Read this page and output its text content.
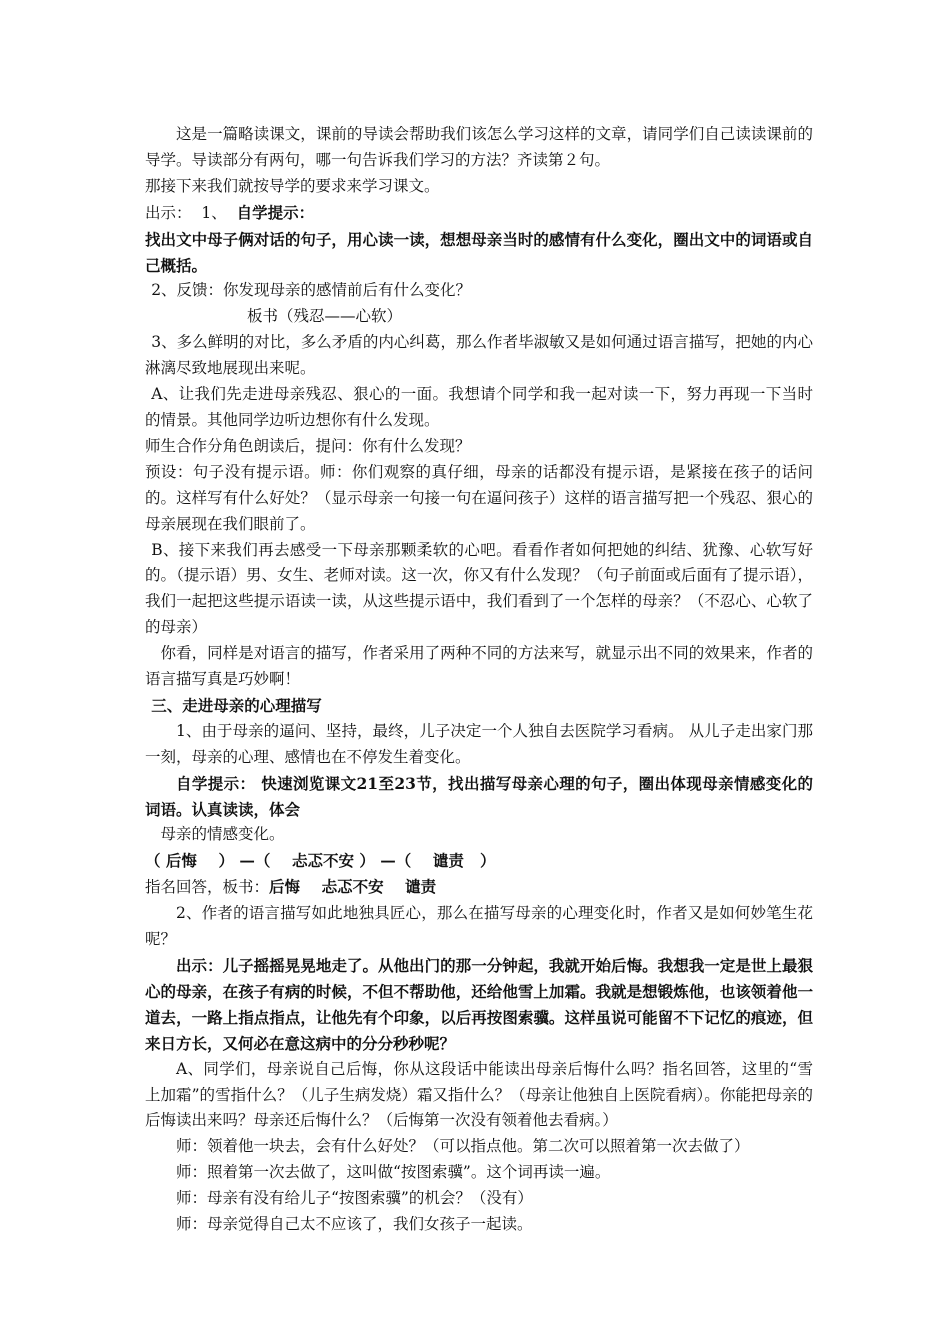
这是一篇略读课文，课前的导读会帮助我们该怎么学习这样的文章，请同学们自己读读课前的导学。导读部分有两句，哪一句告诉我们学习的方法？齐读第２句。

那接下来我们就按导学的要求来学习课文。

出示：  1、  自学提示：

找出文中母子俩对话的句子，用心读一读，想想母亲当时的感情有什么变化，圈出文中的词语或自己概括。

2、反馈：你发现母亲的感情前后有什么变化？

板书（残忍——心软）

3、多么鲜明的对比，多么矛盾的内心纠葛，那么作者毕淑敏又是如何通过语言描写，把她的内心淋漓尽致地展现出来呢。

A、让我们先走进母亲残忍、狠心的一面。我想请个同学和我一起对读一下，努力再现一下当时的情景。其他同学边听边想你有什么发现。

师生合作分角色朗读后，提问：你有什么发现？

预设：句子没有提示语。师：你们观察的真仔细，母亲的话都没有提示语，是紧接在孩子的话问的。这样写有什么好处？（显示母亲一句接一句在逼问孩子）这样的语言描写把一个残忍、狠心的母亲展现在我们眼前了。

B、接下来我们再去感受一下母亲那颗柔软的心吧。看看作者如何把她的纠结、犹豫、心软写好的。（提示语）男、女生、老师对读。这一次，你又有什么发现？（句子前面或后面有了提示语），我们一起把这些提示语读一读，从这些提示语中，我们看到了一个怎样的母亲？（不忍心、心软了的母亲）

你看，同样是对语言的描写，作者采用了两种不同的方法来写，就显示出不同的效果来，作者的语言描写真是巧妙啊！

三、走进母亲的心理描写

1、由于母亲的逼问、坚持，最终，儿子决定一个人独自去医院学习看病。 从儿子走出家门那一刻，母亲的心理、感情也在不停发生着变化。

自学提示： 快速浏览课文21至23节，找出描写母亲心理的句子，圈出体现母亲情感变化的词语。认真读读，体会

母亲的情感变化。

（ 后悔    ） —（    忐忑不安 ） —（    谴责   ）

指名回答，板书：后悔    忐忑不安    谴责

2、作者的语言描写如此地独具匠心，那么在描写母亲的心理变化时，作者又是如何妙笔生花呢？

出示：儿子摇摇晃晃地走了。从他出门的那一分钟起，我就开始后悔。我想我一定是世上最狠心的母亲，在孩子有病的时候，不但不帮助他，还给他雪上加霜。我就是想锻炼他，也该领着他一道去，一路上指点指点，让他先有个印象，以后再按图索骥。这样虽说可能留不下记忆的痕迹，但来日方长，又何必在意这病中的分分秒秒呢？

A、同学们，母亲说自己后悔，你从这段话中能读出母亲后悔什么吗？指名回答，这里的“雪上加霜”的雪指什么？（儿子生病发烧）霜又指什么？（母亲让他独自上医院看病）。你能把母亲的后悔读出来吗？母亲还后悔什么？（后悔第一次没有领着他去看病。）

师：领着他一块去，会有什么好处？（可以指点他。第二次可以照着第一次去做了）

师：照着第一次去做了，这叫做“按图索骥”。这个词再读一遍。

师：母亲有没有给儿子“按图索骥”的机会？（没有）

师：母亲觉得自己太不应该了，我们女孩子一起读。
